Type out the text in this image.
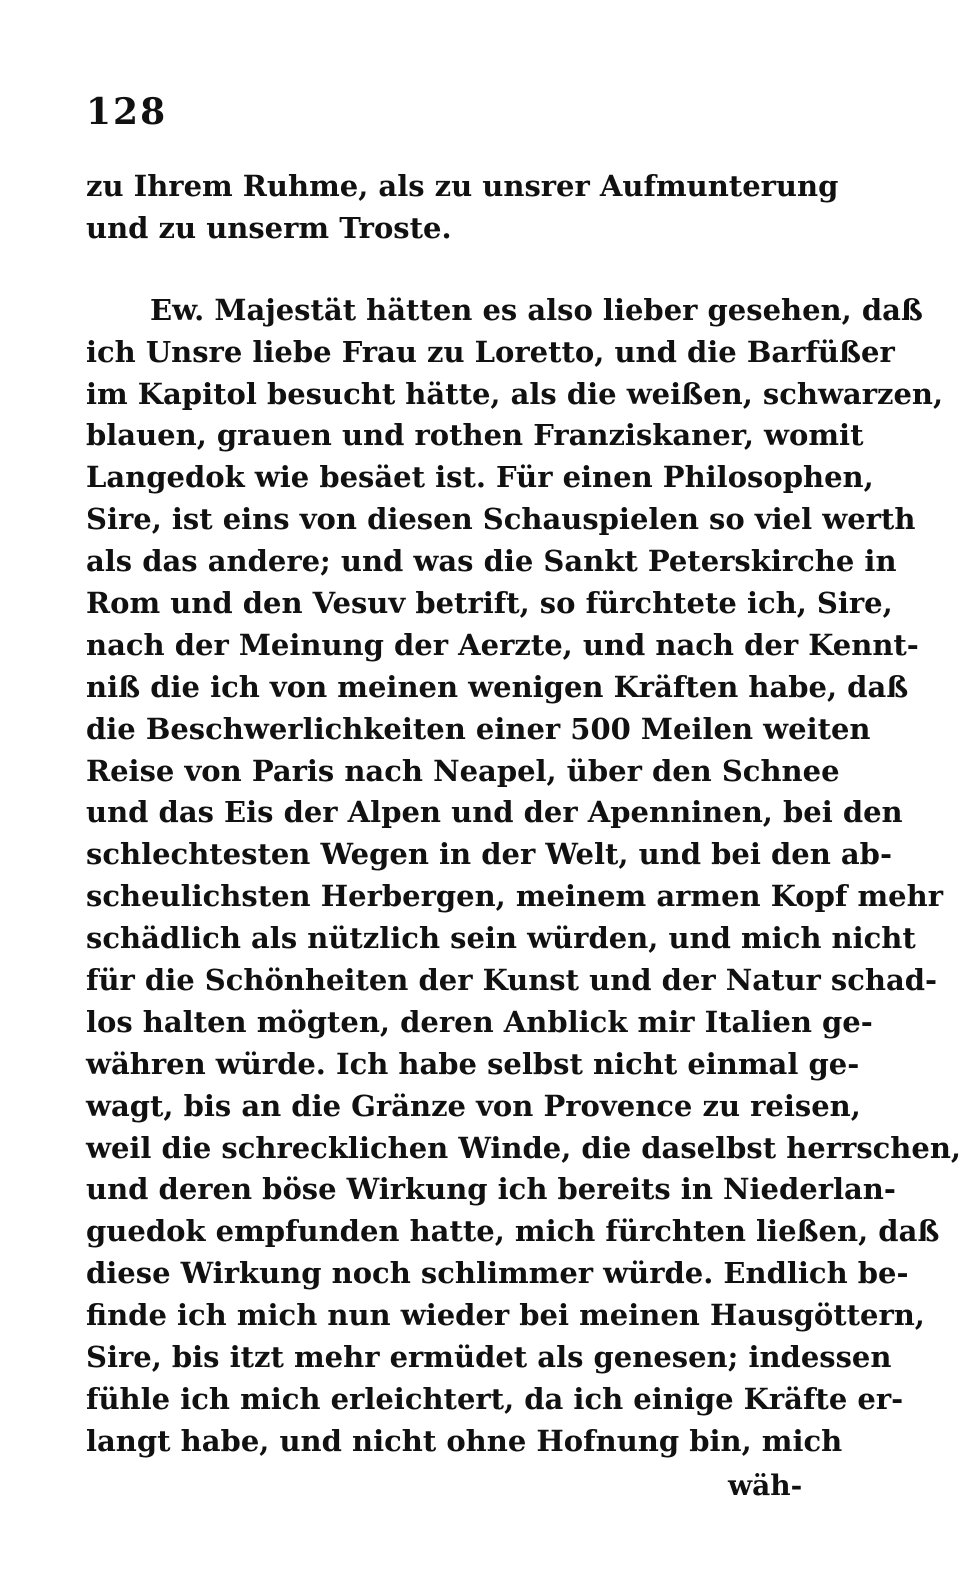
128
zu Ihrem Ruhme, als zu unsrer Aufmunterung
und zu unserm Troste.
Ew. Majestät hätten es also lieber gesehen, daß
ich Unsre liebe Frau zu Loretto, und die Barfüßer
im Kapitol besucht hätte, als die weißen, schwarzen,
blauen, grauen und rothen Franziskaner, womit
Langedok wie besäet ist. Für einen Philosophen,
Sire, ist eins von diesen Schauspielen so viel werth
als das andere; und was die Sankt Peterskirche in
Rom und den Vesuv betrift, so fürchtete ich, Sire,
nach der Meinung der Aerzte, und nach der Kennt-
niß die ich von meinen wenigen Kräften habe, daß
die Beschwerlichkeiten einer 500 Meilen weiten
Reise von Paris nach Neapel, über den Schnee
und das Eis der Alpen und der Apenninen, bei den
schlechtesten Wegen in der Welt, und bei den ab-
scheulichsten Herbergen, meinem armen Kopf mehr
schädlich als nützlich sein würden, und mich nicht
für die Schönheiten der Kunst und der Natur schad-
los halten mögten, deren Anblick mir Italien ge-
währen würde. Ich habe selbst nicht einmal ge-
wagt, bis an die Gränze von Provence zu reisen,
weil die schrecklichen Winde, die daselbst herrschen,
und deren böse Wirkung ich bereits in Niederlan-
guedok empfunden hatte, mich fürchten ließen, daß
diese Wirkung noch schlimmer würde. Endlich be-
finde ich mich nun wieder bei meinen Hausgöttern,
Sire, bis itzt mehr ermüdet als genesen; indessen
fühle ich mich erleichtert, da ich einige Kräfte er-
langt habe, und nicht ohne Hofnung bin, mich
wäh-
